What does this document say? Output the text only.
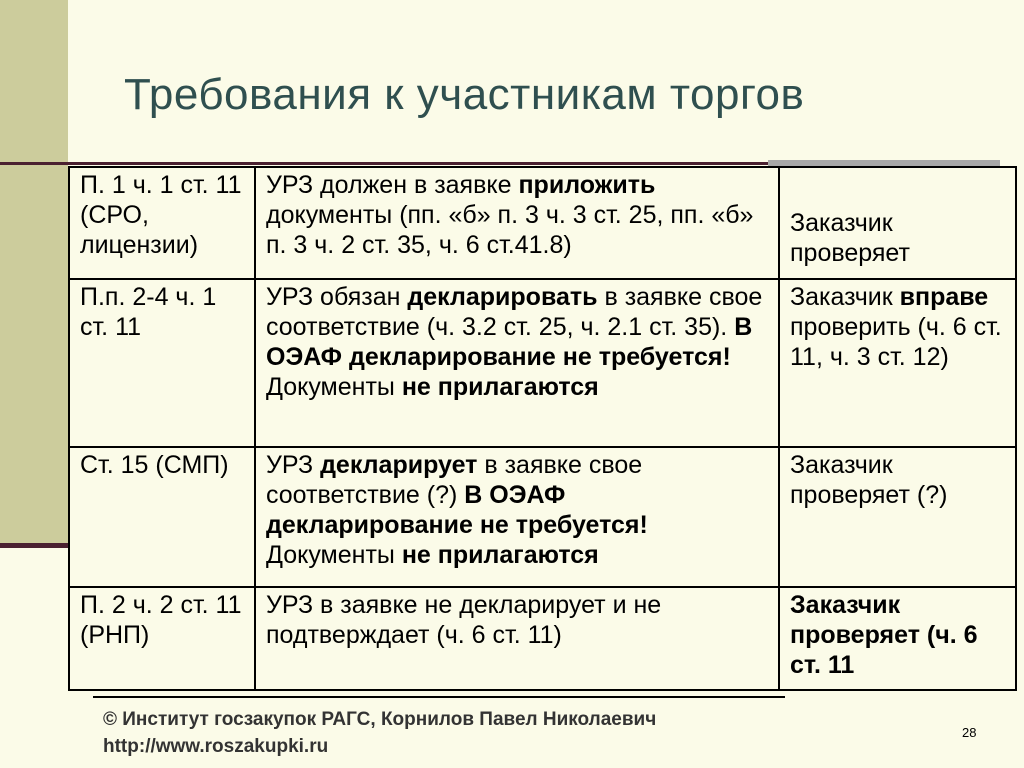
Требования к участникам торгов
П. 1 ч. 1 ст. 11 (СРО, лицензии)	УРЗ должен в заявке приложить документы (пп. «б» п. 3 ч. 3 ст. 25, пп. «б» п. 3 ч. 2 ст. 35, ч. 6 ст.41.8)	Заказчик проверяет
П.п. 2-4 ч. 1 ст. 11	УРЗ обязан декларировать в заявке свое соответствие (ч. 3.2 ст. 25, ч. 2.1 ст. 35). В ОЭАФ декларирование не требуется! Документы не прилагаются	Заказчик вправе проверить (ч. 6 ст. 11, ч. 3 ст. 12)
Ст. 15 (СМП)	УРЗ декларирует в заявке свое соответствие (?) В ОЭАФ декларирование не требуется! Документы не прилагаются	Заказчик проверяет (?)
П. 2 ч. 2 ст. 11 (РНП)	УРЗ в заявке не декларирует и не подтверждает (ч. 6 ст. 11)	Заказчик проверяет (ч. 6 ст. 11
© Институт госзакупок РАГС, Корнилов Павел Николаевич
http://www.roszakupki.ru
28
